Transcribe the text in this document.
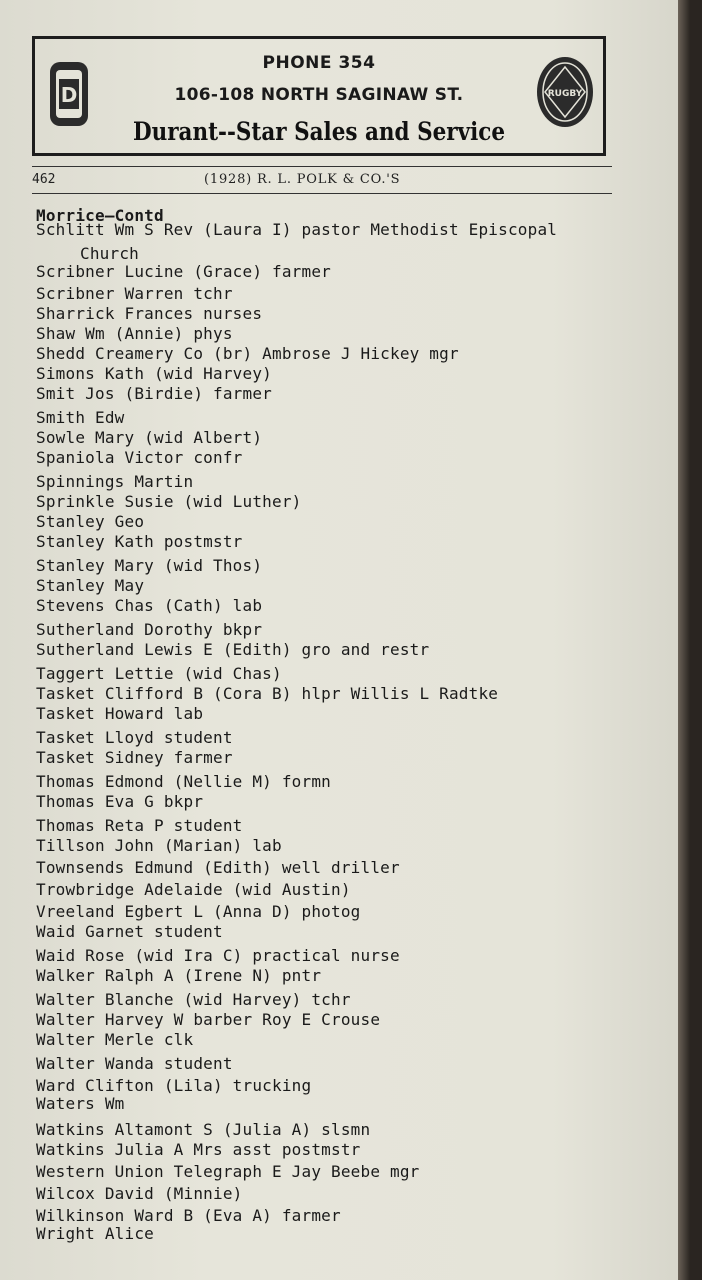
D
PHONE 354
106-108 NORTH SAGINAW ST.
Durant--Star Sales and Service
RUGBY
462	(1928) R. L. POLK & CO.'S
Morrice—Contd
Schlitt Wm S Rev (Laura I) pastor Methodist Episcopal
Church
Scribner Lucine (Grace) farmer
Scribner Warren tchr
Sharrick Frances nurses
Shaw Wm (Annie) phys
Shedd Creamery Co (br) Ambrose J Hickey mgr
Simons Kath (wid Harvey)
Smit Jos (Birdie) farmer
Smith Edw
Sowle Mary (wid Albert)
Spaniola Victor confr
Spinnings Martin
Sprinkle Susie (wid Luther)
Stanley Geo
Stanley Kath postmstr
Stanley Mary (wid Thos)
Stanley May
Stevens Chas (Cath) lab
Sutherland Dorothy bkpr
Sutherland Lewis E (Edith) gro and restr
Taggert Lettie (wid Chas)
Tasket Clifford B (Cora B) hlpr Willis L Radtke
Tasket Howard lab
Tasket Lloyd student
Tasket Sidney farmer
Thomas Edmond (Nellie M) formn
Thomas Eva G bkpr
Thomas Reta P student
Tillson John (Marian) lab
Townsends Edmund (Edith) well driller
Trowbridge Adelaide (wid Austin)
Vreeland Egbert L (Anna D) photog
Waid Garnet student
Waid Rose (wid Ira C) practical nurse
Walker Ralph A (Irene N) pntr
Walter Blanche (wid Harvey) tchr
Walter Harvey W barber Roy E Crouse
Walter Merle clk
Walter Wanda student
Ward Clifton (Lila) trucking
Waters Wm
Watkins Altamont S (Julia A) slsmn
Watkins Julia A Mrs asst postmstr
Western Union Telegraph E Jay Beebe mgr
Wilcox David (Minnie)
Wilkinson Ward B (Eva A) farmer
Wright Alice
